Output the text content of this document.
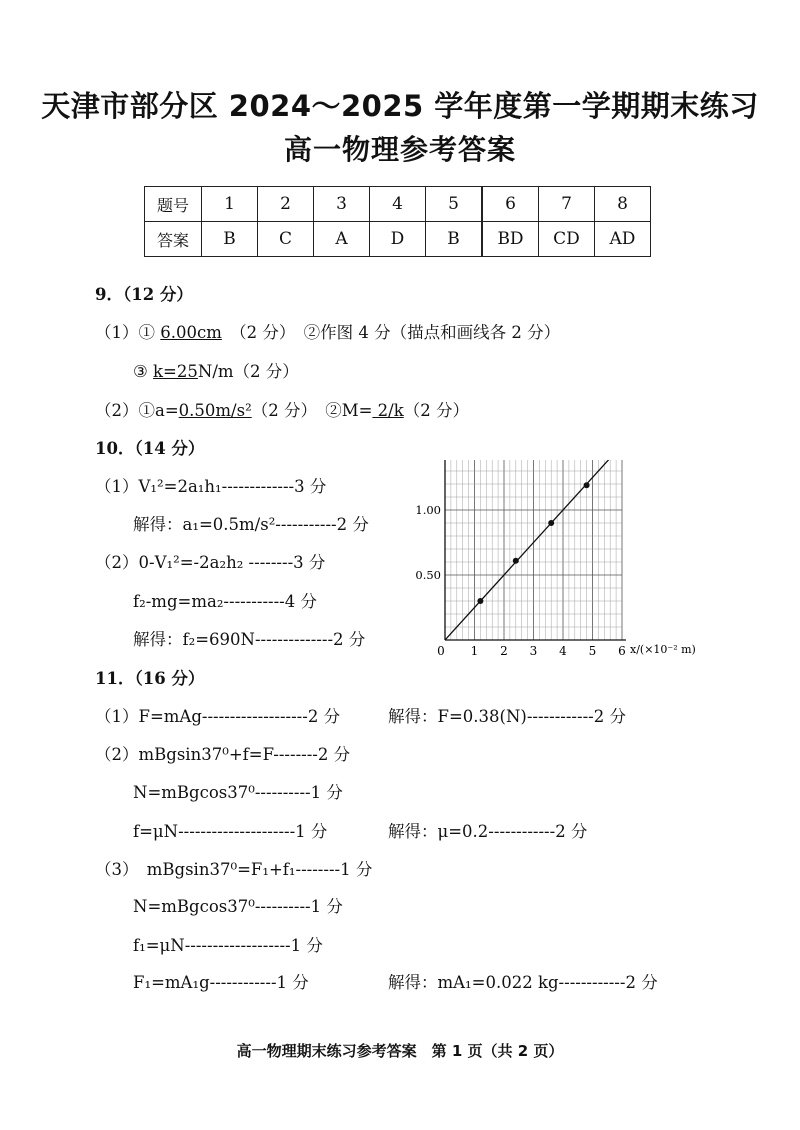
天津市部分区 2024～2025 学年度第一学期期末练习
高一物理参考答案
题号	1	2	3	4	5	6	7	8
答案	B	C	A	D	B	BD	CD	AD
9．（12 分）
（1）① 6.00cm　（2 分）　②作图 4 分（描点和画线各 2 分）
③ k=25N/m（2 分）
（2）①a=0.50m/s²（2 分）　②M= 2/k（2 分）
10．（14 分）
（1）V₁²=2a₁h₁-------------3 分
解得：a₁=0.5m/s²-----------2 分
（2）0-V₁²=-2a₂h₂ --------3 分
f₂-mg=ma₂-----------4 分
解得：f₂=690N--------------2 分
x/(×10⁻² m)
0 1 2 3 4 5 6
0.50
1.00
11．（16 分）
（1）F=mAg-------------------2 分	解得：F=0.38(N)------------2 分
（2）mBgsin37⁰+f=F--------2 分
N=mBgcos37⁰----------1 分
f=μN---------------------1 分	解得：μ=0.2------------2 分
（3）　mBgsin37⁰=F₁+f₁--------1 分
N=mBgcos37⁰----------1 分
f₁=μN-------------------1 分
F₁=mA₁g------------1 分	解得：mA₁=0.022 kg------------2 分
高一物理期末练习参考答案　第 1 页（共 2 页）
